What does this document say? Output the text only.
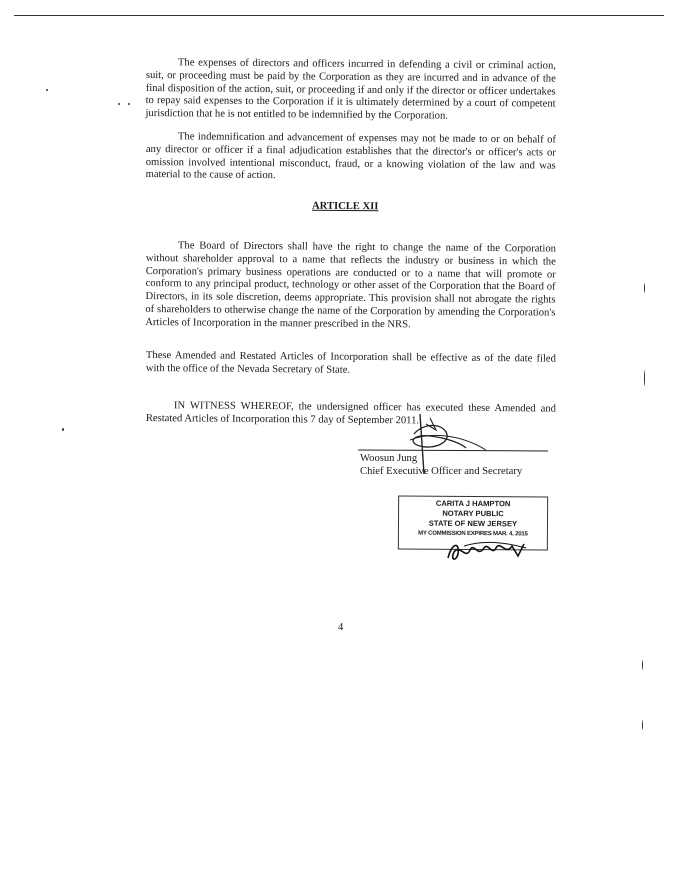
The expenses of directors and officers incurred in defending a civil or criminal action, suit, or proceeding must be paid by the Corporation as they are incurred and in advance of the final disposition of the action, suit, or proceeding if and only if the director or officer undertakes to repay said expenses to the Corporation if it is ultimately determined by a court of competent jurisdiction that he is not entitled to be indemnified by the Corporation.
The indemnification and advancement of expenses may not be made to or on behalf of any director or officer if a final adjudication establishes that the director's or officer's acts or omission involved intentional misconduct, fraud, or a knowing violation of the law and was material to the cause of action.
ARTICLE XII
The Board of Directors shall have the right to change the name of the Corporation without shareholder approval to a name that reflects the industry or business in which the Corporation's primary business operations are conducted or to a name that will promote or conform to any principal product, technology or other asset of the Corporation that the Board of Directors, in its sole discretion, deems appropriate. This provision shall not abrogate the rights of shareholders to otherwise change the name of the Corporation by amending the Corporation's Articles of Incorporation in the manner prescribed in the NRS.
These Amended and Restated Articles of Incorporation shall be effective as of the date filed with the office of the Nevada Secretary of State.
IN WITNESS WHEREOF, the undersigned officer has executed these Amended and Restated Articles of Incorporation this 7 day of September 2011.
Woosun Jung
Chief Executive Officer and Secretary
CARITA J HAMPTON
NOTARY PUBLIC
STATE OF NEW JERSEY
MY COMMISSION EXPIRES MAR. 4, 2015
4
